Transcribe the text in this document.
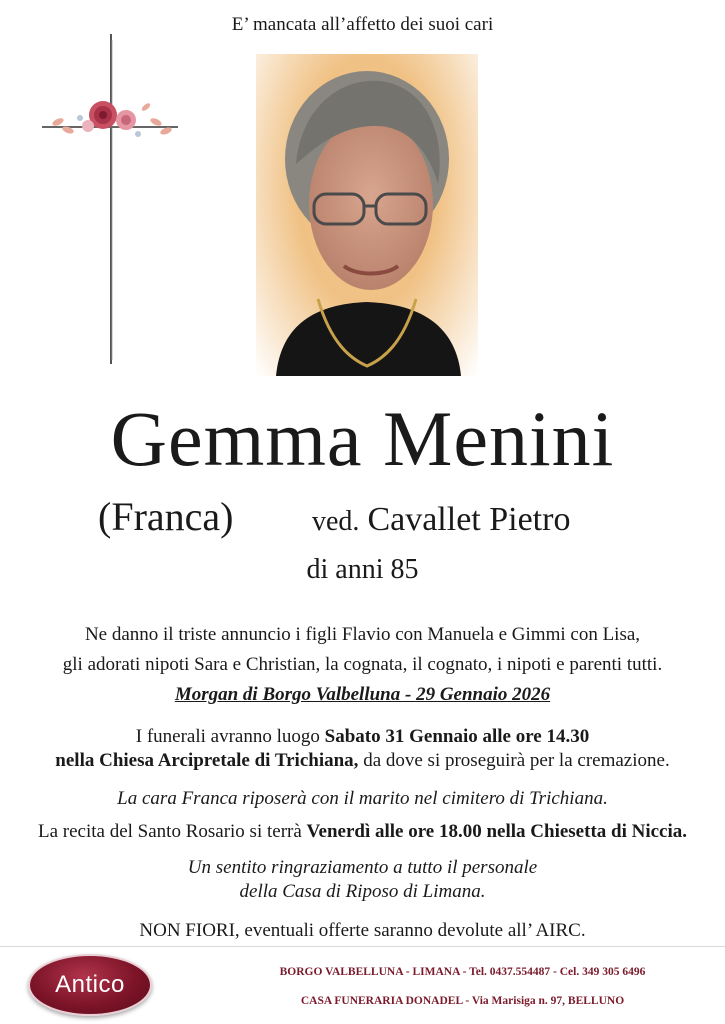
E’ mancata all’affetto dei suoi cari
Gemma Menini
(Franca)	ved. Cavallet Pietro
di anni 85
Ne danno il triste annuncio i figli Flavio con Manuela e Gimmi con Lisa,
gli adorati nipoti Sara e Christian, la cognata, il cognato, i nipoti e parenti tutti.
Morgan di Borgo Valbelluna - 29 Gennaio 2026
I funerali avranno luogo Sabato 31 Gennaio alle ore 14.30
nella Chiesa Arcipretale di Trichiana, da dove si proseguirà per la cremazione.
La cara Franca riposerà con il marito nel cimitero di Trichiana.
La recita del Santo Rosario si terrà Venerdì alle ore 18.00 nella Chiesetta di Niccia.
Un sentito ringraziamento a tutto il personale
della Casa di Riposo di Limana.
NON FIORI, eventuali offerte saranno devolute all’ AIRC.
Antico	BORGO VALBELLUNA - LIMANA - Tel. 0437.554487 - Cel. 349 305 6496
CASA FUNERARIA DONADEL - Via Marisiga n. 97, BELLUNO
